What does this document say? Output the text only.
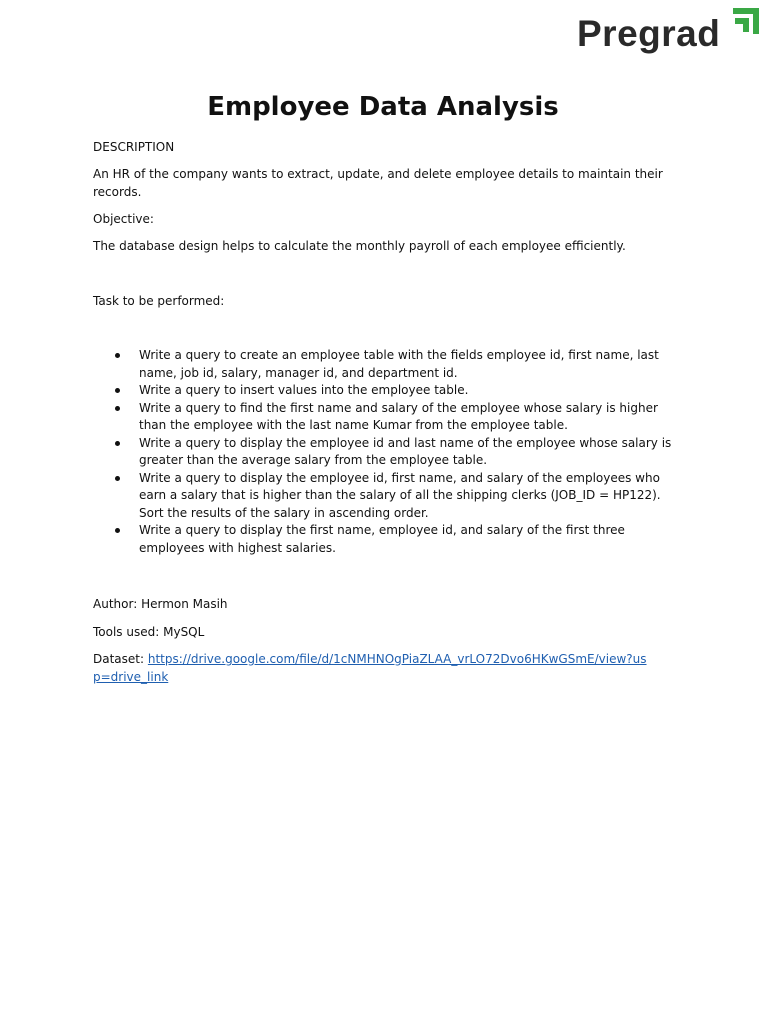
Pregrad
Employee Data Analysis

DESCRIPTION

An HR of the company wants to extract, update, and delete employee details to maintain their records.

Objective:

The database design helps to calculate the monthly payroll of each employee efficiently.

Task to be performed:

Write a query to create an employee table with the fields employee id, first name, last name, job id, salary, manager id, and department id.
Write a query to insert values into the employee table.
Write a query to find the first name and salary of the employee whose salary is higher than the employee with the last name Kumar from the employee table.
Write a query to display the employee id and last name of the employee whose salary is greater than the average salary from the employee table.
Write a query to display the employee id, first name, and salary of the employees who earn a salary that is higher than the salary of all the shipping clerks (JOB_ID = HP122). Sort the results of the salary in ascending order.
Write a query to display the first name, employee id, and salary of the first three employees with highest salaries.

Author: Hermon Masih

Tools used: MySQL

Dataset: https://drive.google.com/file/d/1cNMHNOgPiaZLAA_vrLO72Dvo6HKwGSmE/view?usp=drive_link
